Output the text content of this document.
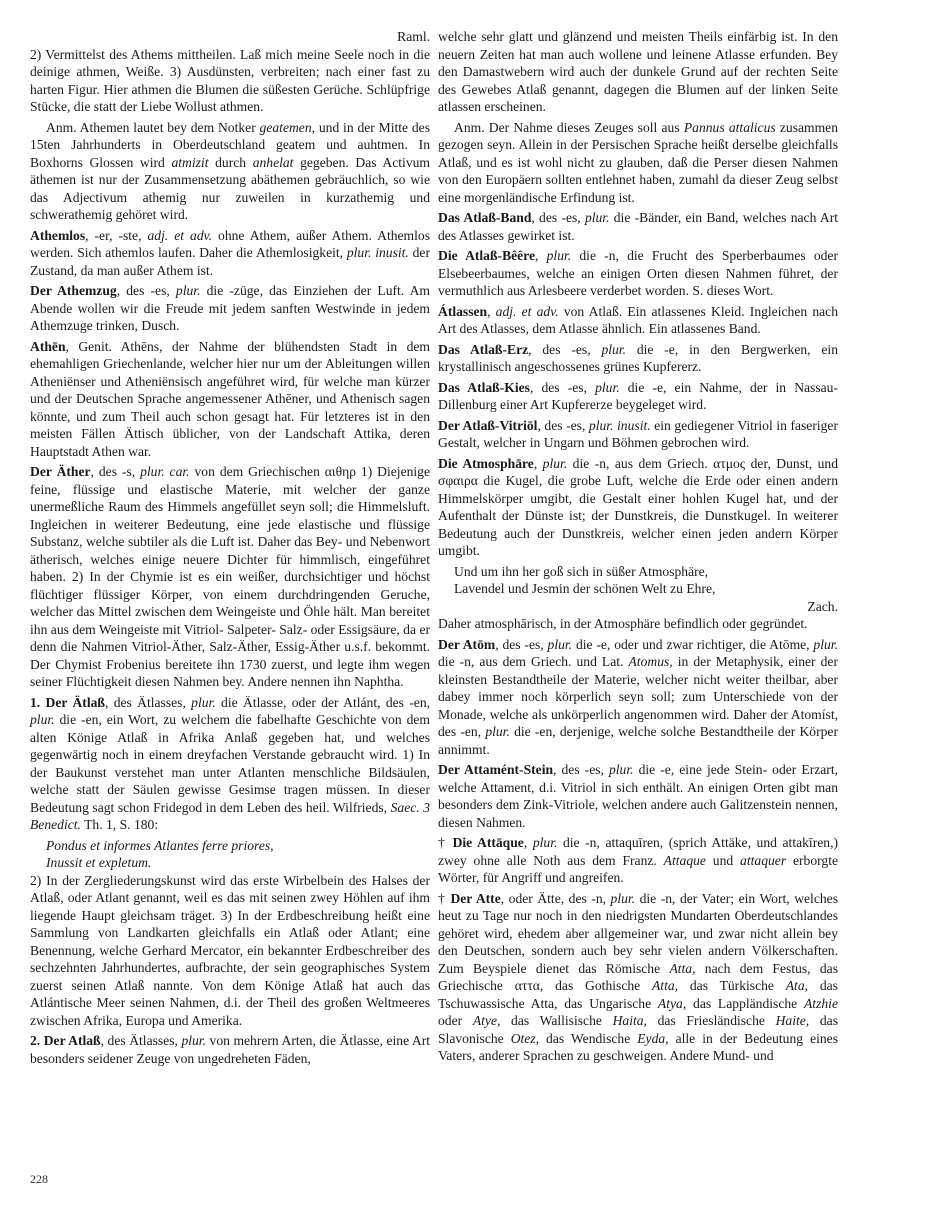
Raml.
2) Vermittelst des Athems mittheilen. Laß mich meine Seele noch in die deinige athmen, Weiße. 3) Ausdünsten, verbreiten; nach einer fast zu harten Figur. Hier athmen die Blumen die süßesten Gerüche. Schlüpfrige Stücke, die statt der Liebe Wollust athmen.
Anm. Athemen lautet bey dem Notker geatemen, und in der Mitte des 15ten Jahrhunderts in Oberdeutschland geatem und auhtmen. In Boxhorns Glossen wird atmizit durch anhelat gegeben. Das Activum äthemen ist nur der Zusammensetzung abäthemen gebräuchlich, so wie das Adjectivum athemig nur zuweilen in kurzathemig und schwerathemig gehöret wird.
Athemlos, -er, -ste, adj. et adv. ohne Athem, außer Athem. Athemlos werden. Sich athemlos laufen. Daher die Athemlosigkeit, plur. inusit. der Zustand, da man außer Athem ist.
Der Athemzug, des -es, plur. die -züge, das Einziehen der Luft. Am Abende wollen wir die Freude mit jedem sanften Westwinde in jedem Athemzuge trinken, Dusch.
Athēn, Genit. Athēns, der Nahme der blühendsten Stadt in dem ehemahligen Griechenlande, welcher hier nur um der Ableitungen willen Atheniënser und Atheniënsisch angeführet wird, für welche man kürzer und der Deutschen Sprache angemessener Athēner, und Athenisch sagen könnte, und zum Theil auch schon gesagt hat. Für letzteres ist in den meisten Fällen Ättisch üblicher, von der Landschaft Attika, deren Hauptstadt Athen war.
Der Äther, des -s, plur. car. von dem Griechischen αιθηρ 1) Diejenige feine, flüssige und elastische Materie, mit welcher der ganze unermeßliche Raum des Himmels angefüllet seyn soll; die Himmelsluft. Ingleichen in weiterer Bedeutung, eine jede elastische und flüssige Substanz, welche subtiler als die Luft ist. Daher das Bey- und Nebenwort ätherisch, welches einige neuere Dichter für himmlisch, eingeführet haben. 2) In der Chymie ist es ein weißer, durchsichtiger und höchst flüchtiger flüssiger Körper, von einem durchdringenden Geruche, welcher das Mittel zwischen dem Weingeiste und Öhle hält. Man bereitet ihn aus dem Weingeiste mit Vitriol- Salpeter- Salz- oder Essigsäure, da er denn die Nahmen Vitriol-Äther, Salz-Äther, Essig-Äther u.s.f. bekommt. Der Chymist Frobenius bereitete ihn 1730 zuerst, und legte ihm wegen seiner Flüchtigkeit diesen Nahmen bey. Andere nennen ihn Naphtha.
1. Der Ätlaß, des Ätlasses, plur. die Ätlasse, oder der Atlánt, des -en, plur. die -en, ein Wort, zu welchem die fabelhafte Geschichte von dem alten Könige Atlaß in Afrika Anlaß gegeben hat, und welches gegenwärtig noch in einem dreyfachen Verstande gebraucht wird. 1) In der Baukunst verstehet man unter Atlanten menschliche Bildsäulen, welche statt der Säulen gewisse Gesimse tragen müssen. In dieser Bedeutung sagt schon Fridegod in dem Leben des heil. Wilfrieds, Saec. 3 Benedict. Th. 1, S. 180:
Pondus et informes Atlantes ferre priores,
Inussit et expletum.
2) In der Zergliederungskunst wird das erste Wirbelbein des Halses der Atlaß, oder Atlant genannt, weil es das mit seinen zwey Höhlen auf ihm liegende Haupt gleichsam träget. 3) In der Erdbeschreibung heißt eine Sammlung von Landkarten gleichfalls ein Atlaß oder Atlant; eine Benennung, welche Gerhard Mercator, ein bekannter Erdbeschreiber des sechzehnten Jahrhundertes, aufbrachte, der sein geographisches System zuerst seinen Atlaß nannte. Von dem Könige Atlaß hat auch das Atlántische Meer seinen Nahmen, d.i. der Theil des großen Weltmeeres zwischen Afrika, Europa und Amerika.
2. Der Atlaß, des Ätlasses, plur. von mehrern Arten, die Ätlasse, eine Art besonders seidener Zeuge von ungedreheten Fäden,
welche sehr glatt und glänzend und meisten Theils einfärbig ist. In den neuern Zeiten hat man auch wollene und leinene Atlasse erfunden. Bey den Damastwebern wird auch der dunkele Grund auf der rechten Seite des Gewebes Atlaß genannt, dagegen die Blumen auf der linken Seite atlassen erscheinen.
Anm. Der Nahme dieses Zeuges soll aus Pannus attalicus zusammen gezogen seyn. Allein in der Persischen Sprache heißt derselbe gleichfalls Atlaß, und es ist wohl nicht zu glauben, daß die Perser diesen Nahmen von den Europäern sollten entlehnet haben, zumahl da dieser Zeug selbst eine morgenländische Erfindung ist.
Das Atlaß-Band, des -es, plur. die -Bänder, ein Band, welches nach Art des Atlasses gewirket ist.
Die Atlaß-Bêêre, plur. die -n, die Frucht des Sperberbaumes oder Elsebeerbaumes, welche an einigen Orten diesen Nahmen führet, der vermuthlich aus Arlesbeere verderbet worden. S. dieses Wort.
Átlassen, adj. et adv. von Atlaß. Ein atlassenes Kleid. Ingleichen nach Art des Atlasses, dem Atlasse ähnlich. Ein atlassenes Band.
Das Atlaß-Erz, des -es, plur. die -e, in den Bergwerken, ein krystallinisch angeschossenes grünes Kupfererz.
Das Atlaß-Kies, des -es, plur. die -e, ein Nahme, der in Nassau-Dillenburg einer Art Kupfererze beygeleget wird.
Der Atlaß-Vitriōl, des -es, plur. inusit. ein gediegener Vitriol in faseriger Gestalt, welcher in Ungarn und Böhmen gebrochen wird.
Die Atmosphāre, plur. die -n, aus dem Griech. ατμος der, Dunst, und σφαιρα die Kugel, die grobe Luft, welche die Erde oder einen andern Himmelskörper umgibt, die Gestalt einer hohlen Kugel hat, und der Aufenthalt der Dünste ist; der Dunstkreis, die Dunstkugel. In weiterer Bedeutung auch der Dunstkreis, welcher einen jeden andern Körper umgibt.
Und um ihn her goß sich in süßer Atmosphäre,
Lavendel und Jesmin der schönen Welt zu Ehre,
Zach.
Daher atmosphārisch, in der Atmosphäre befindlich oder gegründet.
Der Atōm, des -es, plur. die -e, oder und zwar richtiger, die Atōme, plur. die -n, aus dem Griech. und Lat. Atomus, in der Metaphysik, einer der kleinsten Bestandtheile der Materie, welcher nicht weiter theilbar, aber dabey immer noch körperlich seyn soll; zum Unterschiede von der Monade, welche als unkörperlich angenommen wird. Daher der Atomíst, des -en, plur. die -en, derjenige, welche solche Bestandtheile der Körper annimmt.
Der Attamént-Stein, des -es, plur. die -e, eine jede Stein- oder Erzart, welche Attament, d.i. Vitriol in sich enthält. An einigen Orten gibt man besonders dem Zink-Vitriole, welchen andere auch Galitzenstein nennen, diesen Nahmen.
† Die Attāque, plur. die -n, attaquīren, (sprich Attäke, und attakīren,) zwey ohne alle Noth aus dem Franz. Attaque und attaquer erborgte Wörter, für Angriff und angreifen.
† Der Atte, oder Ätte, des -n, plur. die -n, der Vater; ein Wort, welches heut zu Tage nur noch in den niedrigsten Mundarten Oberdeutschlandes gehöret wird, ehedem aber allgemeiner war, und zwar nicht allein bey den Deutschen, sondern auch bey sehr vielen andern Völkerschaften. Zum Beyspiele dienet das Römische Atta, nach dem Festus, das Griechische αττα, das Gothische Atta, das Türkische Ata, das Tschuwassische Atta, das Ungarische Atya, das Lappländische Atzhie oder Atye, das Wallisische Haita, das Friesländische Haite, das Slavonische Otez, das Wendische Eyda, alle in der Bedeutung eines Vaters, anderer Sprachen zu geschweigen. Andere Mund- und
228
